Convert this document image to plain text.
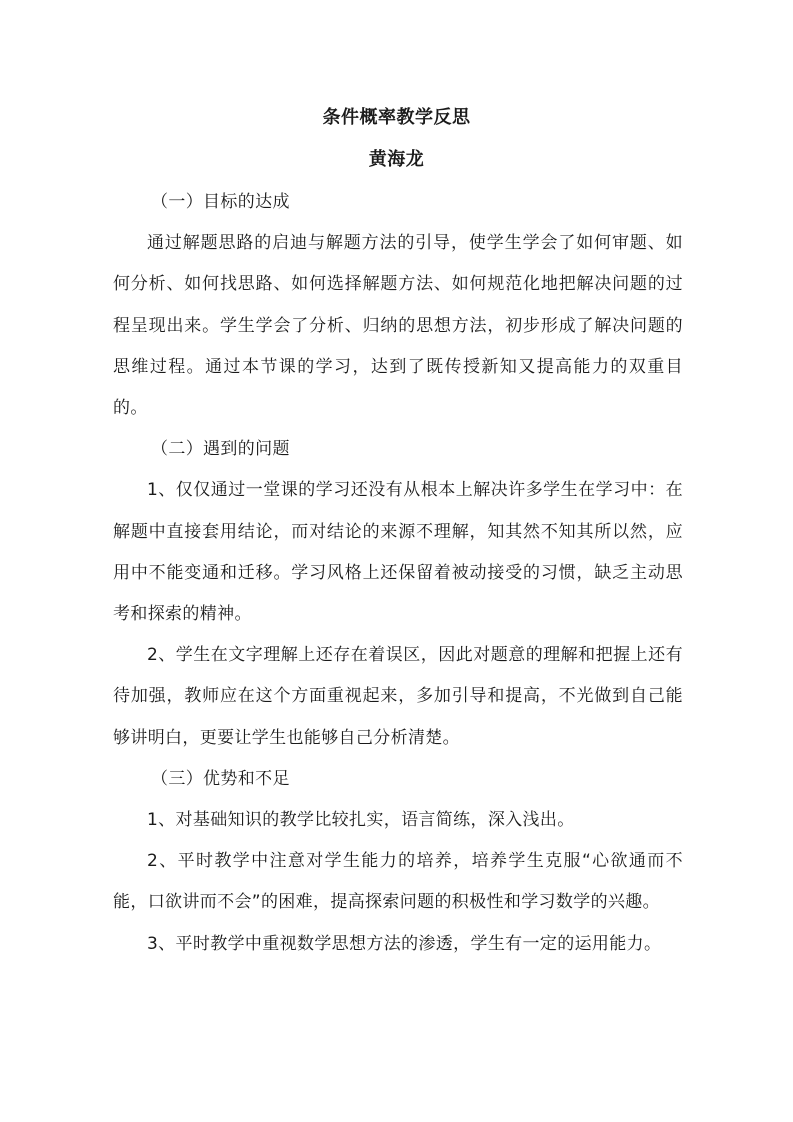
条件概率教学反思
黄海龙

（一）目标的达成

通过解题思路的启迪与解题方法的引导，使学生学会了如何审题、如何分析、如何找思路、如何选择解题方法、如何规范化地把解决问题的过程呈现出来。学生学会了分析、归纳的思想方法，初步形成了解决问题的思维过程。通过本节课的学习，达到了既传授新知又提高能力的双重目的。

（二）遇到的问题

1、仅仅通过一堂课的学习还没有从根本上解决许多学生在学习中：在解题中直接套用结论，而对结论的来源不理解，知其然不知其所以然，应用中不能变通和迁移。学习风格上还保留着被动接受的习惯，缺乏主动思考和探索的精神。

2、学生在文字理解上还存在着误区，因此对题意的理解和把握上还有待加强，教师应在这个方面重视起来，多加引导和提高，不光做到自己能够讲明白，更要让学生也能够自己分析清楚。

（三）优势和不足

1、对基础知识的教学比较扎实，语言简练，深入浅出。

2、平时教学中注意对学生能力的培养，培养学生克服“心欲通而不能，口欲讲而不会”的困难，提高探索问题的积极性和学习数学的兴趣。

3、平时教学中重视数学思想方法的渗透，学生有一定的运用能力。
